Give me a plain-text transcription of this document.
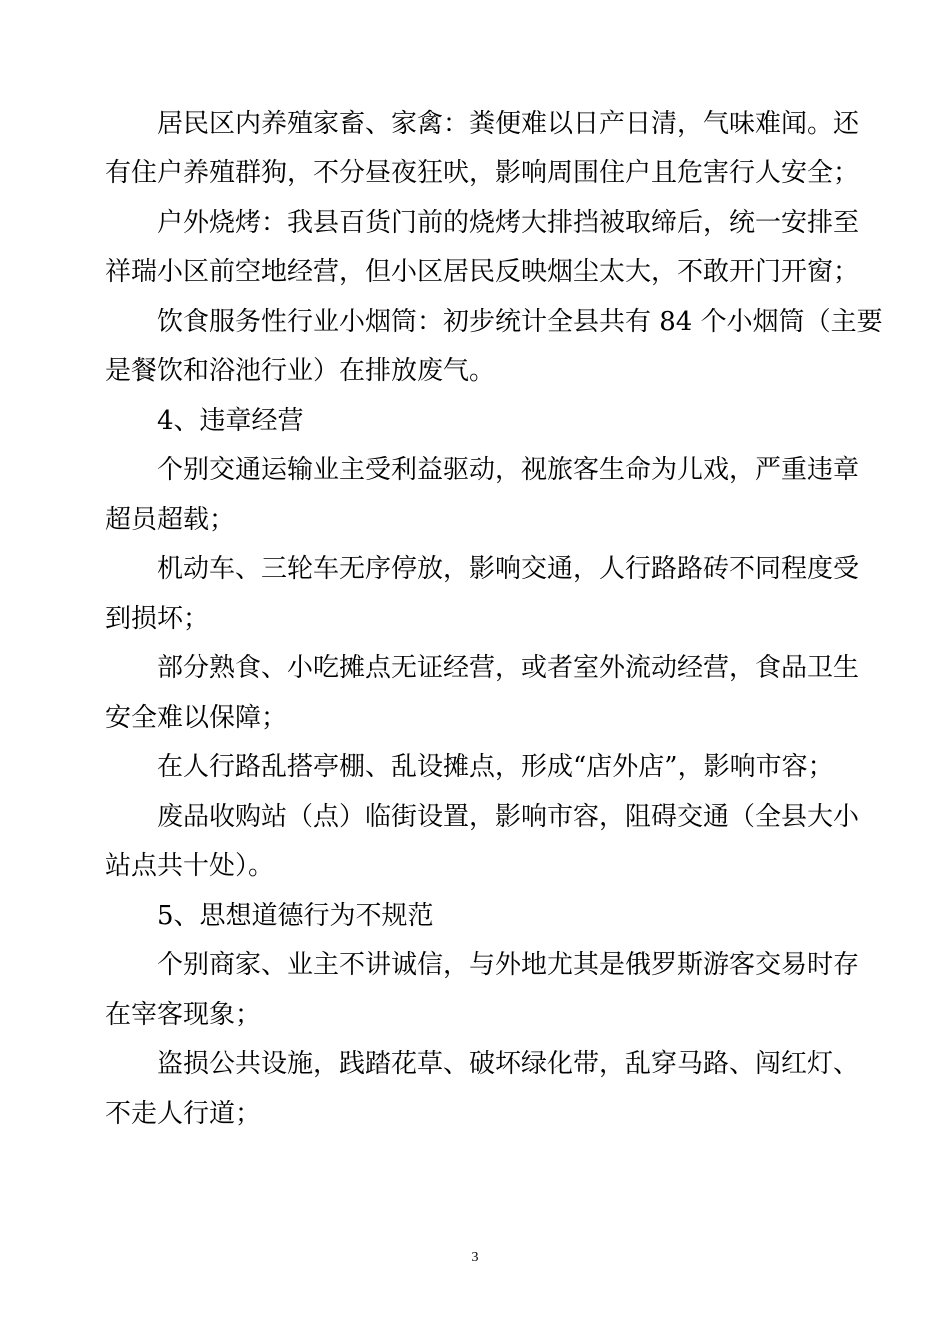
居民区内养殖家畜、家禽：粪便难以日产日清，气味难闻。还
有住户养殖群狗，不分昼夜狂吠，影响周围住户且危害行人安全；
户外烧烤：我县百货门前的烧烤大排挡被取缔后，统一安排至
祥瑞小区前空地经营，但小区居民反映烟尘太大，不敢开门开窗；
饮食服务性行业小烟筒：初步统计全县共有 84 个小烟筒（主要
是餐饮和浴池行业）在排放废气。
4、违章经营
个别交通运输业主受利益驱动，视旅客生命为儿戏，严重违章
超员超载；
机动车、三轮车无序停放，影响交通，人行路路砖不同程度受
到损坏；
部分熟食、小吃摊点无证经营，或者室外流动经营，食品卫生
安全难以保障；
在人行路乱搭亭棚、乱设摊点，形成“店外店”，影响市容；
废品收购站（点）临街设置，影响市容，阻碍交通（全县大小
站点共十处）。
5、思想道德行为不规范
个别商家、业主不讲诚信，与外地尤其是俄罗斯游客交易时存
在宰客现象；
盗损公共设施，践踏花草、破坏绿化带，乱穿马路、闯红灯、
不走人行道；
3
